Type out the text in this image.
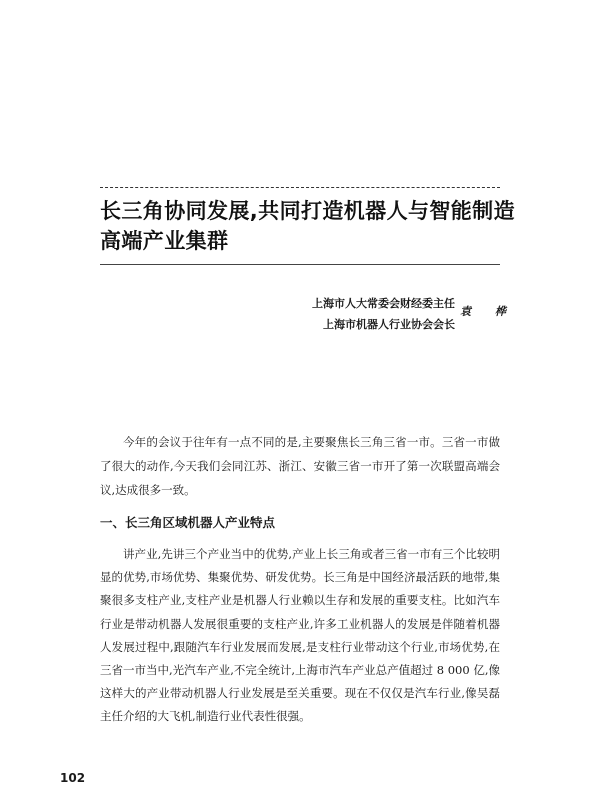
长三角协同发展,共同打造机器人与智能制造高端产业集群
上海市人大常委会财经委主任
上海市机器人行业协会会长
袁 桦

今年的会议于往年有一点不同的是,主要聚焦长三角三省一市。三省一市做了很大的动作,今天我们会同江苏、浙江、安徽三省一市开了第一次联盟高端会议,达成很多一致。

一、长三角区域机器人产业特点

讲产业,先讲三个产业当中的优势,产业上长三角或者三省一市有三个比较明显的优势,市场优势、集聚优势、研发优势。长三角是中国经济最活跃的地带,集聚很多支柱产业,支柱产业是机器人行业赖以生存和发展的重要支柱。比如汽车行业是带动机器人发展很重要的支柱产业,许多工业机器人的发展是伴随着机器人发展过程中,跟随汽车行业发展而发展,是支柱行业带动这个行业,市场优势,在三省一市当中,光汽车产业,不完全统计,上海市汽车产业总产值超过 8 000 亿,像这样大的产业带动机器人行业发展是至关重要。现在不仅仅是汽车行业,像吴磊主任介绍的大飞机,制造行业代表性很强。

102
